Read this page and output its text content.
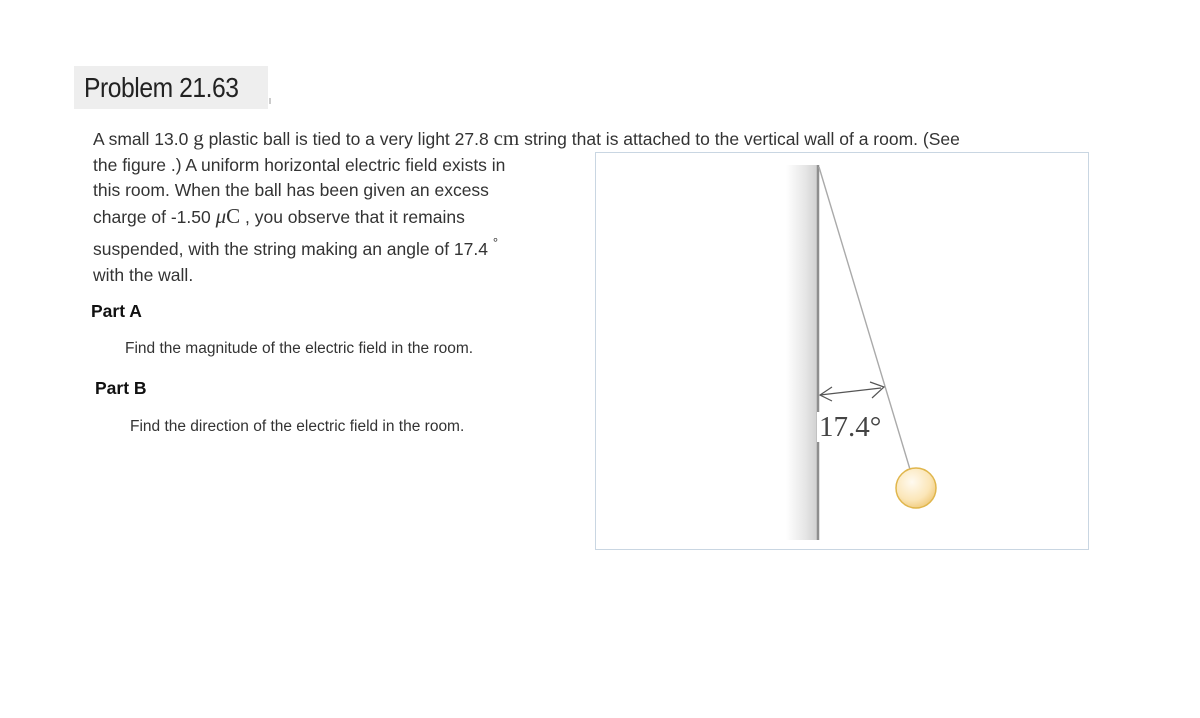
Problem 21.63
A small 13.0 g plastic ball is tied to a very light 27.8 cm string that is attached to the vertical wall of a room. (See
the figure .) A uniform horizontal electric field exists in
this room. When the ball has been given an excess
charge of -1.50 μC , you observe that it remains
suspended, with the string making an angle of 17.4 °
with the wall.
Part A
Find the magnitude of the electric field in the room.
Part B
Find the direction of the electric field in the room.	17.4°
